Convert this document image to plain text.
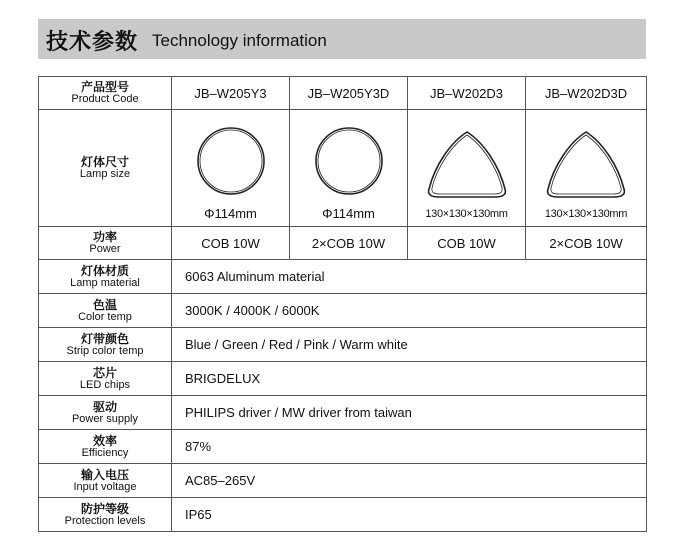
技术参数 Technology information
产品型号
Product Code	JB–W205Y3	JB–W205Y3D	JB–W202D3	JB–W202D3D

灯体尺寸
Lamp size	Φ114mm	Φ114mm	130×130×130mm	130×130×130mm

功率
Power	COB 10W	2×COB 10W	COB 10W	2×COB 10W

灯体材质
Lamp material	6063 Aluminum material			

色温
Color temp	3000K / 4000K / 6000K			

灯带颜色
Strip color temp	Blue / Green / Red / Pink / Warm white			

芯片
LED chips	BRIGDELUX			

驱动
Power supply	PHILIPS driver / MW driver from taiwan			

效率
Efficiency	87%			

输入电压
Input voltage	AC85–265V			

防护等级
Protection levels	IP65			
